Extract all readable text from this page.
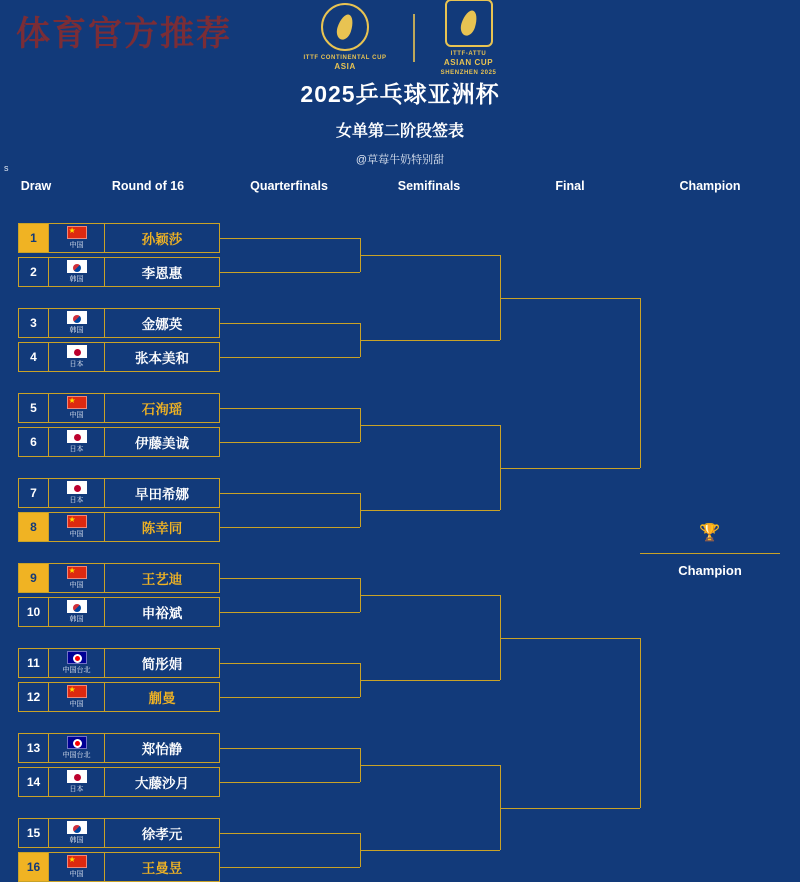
体育官方推荐
ITTF CONTINENTAL CUP
ASIA
ITTF-ATTU
ASIAN CUP
SHENZHEN 2025
2025乒乓球亚洲杯
女单第二阶段签表
@草莓牛奶特别甜
s
Draw	Round of 16	Quarterfinals	Semifinals	Final	Champion
1
★
中国	孙颖莎
2
韩国	李恩惠
3
韩国	金娜英
4
日本	张本美和
5
★
中国	石洵瑶
6
日本	伊藤美诚
7
日本	早田希娜
8
★
中国	陈幸同
9
★
中国	王艺迪
10
韩国	申裕斌
11
中国台北	简彤娟
12
★
中国	蒯曼
13
中国台北	郑怡静
14
日本	大藤沙月
15
韩国	徐孝元
16
★
中国	王曼昱
🏆
Champion
